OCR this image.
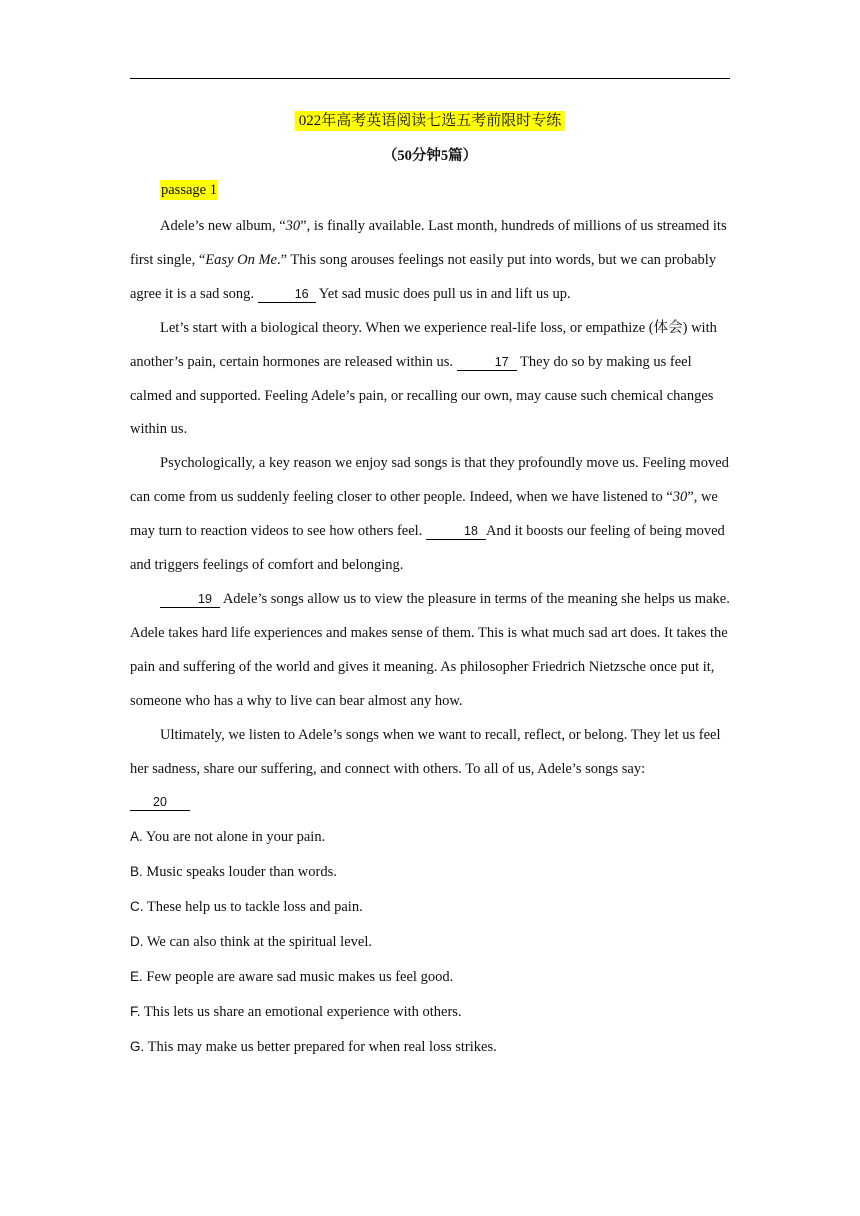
022年高考英语阅读七选五考前限时专练
（50分钟5篇）
passage 1

Adele’s new album, “30”, is finally available. Last month, hundreds of millions of us streamed its first single, “Easy On Me.” This song arouses feelings not easily put into words, but we can probably agree it is a sad song.	16 Yet sad music does pull us in and lift us up.

Let’s start with a biological theory. When we experience real-life loss, or empathize (体会) with another’s pain, certain hormones are released within us.	17 They do so by making us feel calmed and supported. Feeling Adele’s pain, or recalling our own, may cause such chemical changes within us.

Psychologically, a key reason we enjoy sad songs is that they profoundly move us. Feeling moved can come from us suddenly feeling closer to other people. Indeed, when we have listened to “30”, we may turn to reaction videos to see how others feel.	18 And it boosts our feeling of being moved and triggers feelings of comfort and belonging.

19 Adele’s songs allow us to view the pleasure in terms of the meaning she helps us make. Adele takes hard life experiences and makes sense of them. This is what much sad art does. It takes the pain and suffering of the world and gives it meaning. As philosopher Friedrich Nietzsche once put it, someone who has a why to live can bear almost any how.

Ultimately, we listen to Adele’s songs when we want to recall, reflect, or belong. They let us feel her sadness, share our suffering, and connect with others. To all of us, Adele’s songs say:

20

A. You are not alone in your pain.

B. Music speaks louder than words.

C. These help us to tackle loss and pain.

D. We can also think at the spiritual level.

E. Few people are aware sad music makes us feel good.

F. This lets us share an emotional experience with others.

G. This may make us better prepared for when real loss strikes.
